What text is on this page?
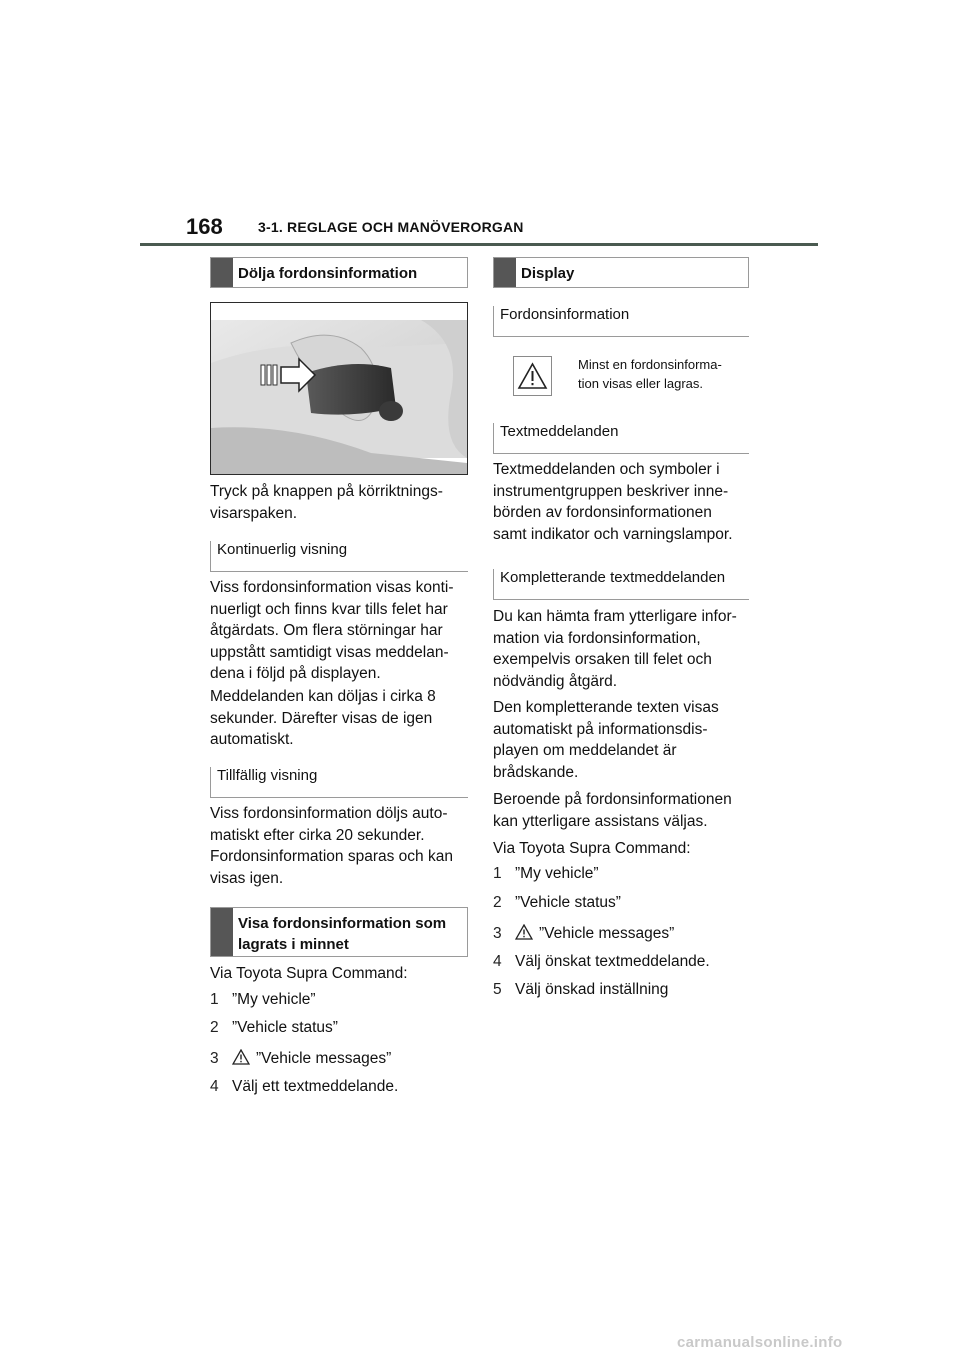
168	3-1. REGLAGE OCH MANÖVERORGAN
Dölja fordonsinformation
Tryck på knappen på körriktnings-
visarspaken.
Kontinuerlig visning
Viss fordonsinformation visas konti-
nuerligt och finns kvar tills felet har
åtgärdats. Om flera störningar har
uppstått samtidigt visas meddelan-
dena i följd på displayen.
Meddelanden kan döljas i cirka 8
sekunder. Därefter visas de igen
automatiskt.
Tillfällig visning
Viss fordonsinformation döljs auto-
matiskt efter cirka 20 sekunder.
Fordonsinformation sparas och kan
visas igen.
Visa fordonsinformation som
lagrats i minnet
Via Toyota Supra Command:
1 ”My vehicle”
2 ”Vehicle status”
3 ”Vehicle messages”
4 Välj ett textmeddelande.
Display
Fordonsinformation
Minst en fordonsinforma-
tion visas eller lagras.
Textmeddelanden
Textmeddelanden och symboler i
instrumentgruppen beskriver inne-
börden av fordonsinformationen
samt indikator och varningslampor.
Kompletterande textmeddelanden
Du kan hämta fram ytterligare infor-
mation via fordonsinformation,
exempelvis orsaken till felet och
nödvändig åtgärd.
Den kompletterande texten visas
automatiskt på informationsdis-
playen om meddelandet är
brådskande.
Beroende på fordonsinformationen
kan ytterligare assistans väljas.
Via Toyota Supra Command:
1 ”My vehicle”
2 ”Vehicle status”
3 ”Vehicle messages”
4 Välj önskat textmeddelande.
5 Välj önskad inställning
carmanualsonline.info
